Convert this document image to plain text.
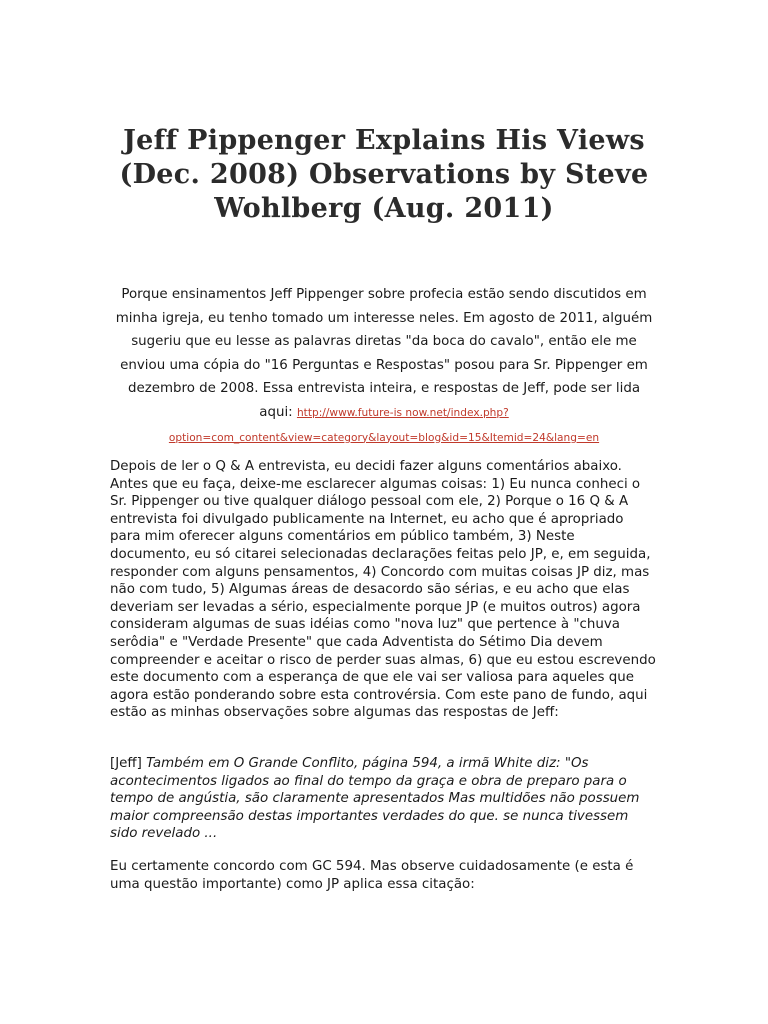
Jeff Pippenger Explains His Views (Dec. 2008) Observations by Steve Wohlberg (Aug. 2011)

Porque ensinamentos Jeff Pippenger sobre profecia estão sendo discutidos em minha igreja, eu tenho tomado um interesse neles. Em agosto de 2011, alguém sugeriu que eu lesse as palavras diretas "da boca do cavalo", então ele me enviou uma cópia do "16 Perguntas e Respostas" posou para Sr. Pippenger em dezembro de 2008. Essa entrevista inteira, e respostas de Jeff, pode ser lida aqui: http://www.future-is now.net/index.php?
option=com_content&view=category&layout=blog&id=15&Itemid=24&lang=en

Depois de ler o Q & A entrevista, eu decidi fazer alguns comentários abaixo. Antes que eu faça, deixe-me esclarecer algumas coisas: 1) Eu nunca conheci o Sr. Pippenger ou tive qualquer diálogo pessoal com ele, 2) Porque o 16 Q & A entrevista foi divulgado publicamente na Internet, eu acho que é apropriado para mim oferecer alguns comentários em público também, 3) Neste documento, eu só citarei selecionadas declarações feitas pelo JP, e, em seguida, responder com alguns pensamentos, 4) Concordo com muitas coisas JP diz, mas não com tudo, 5) Algumas áreas de desacordo são sérias, e eu acho que elas deveriam ser levadas a sério, especialmente porque JP (e muitos outros) agora consideram algumas de suas idéias como "nova luz" que pertence à "chuva serôdia" e "Verdade Presente" que cada Adventista do Sétimo Dia devem compreender e aceitar o risco de perder suas almas, 6) que eu estou escrevendo este documento com a esperança de que ele vai ser valiosa para aqueles que agora estão ponderando sobre esta controvérsia. Com este pano de fundo, aqui estão as minhas observações sobre algumas das respostas de Jeff:

[Jeff] Também em O Grande Conflito, página 594, a irmã White diz: "Os acontecimentos ligados ao final do tempo da graça e obra de preparo para o tempo de angústia, são claramente apresentados Mas multidões não possuem maior compreensão destas importantes verdades do que. se nunca tivessem sido revelado ...

Eu certamente concordo com GC 594. Mas observe cuidadosamente (e esta é uma questão importante) como JP aplica essa citação:
